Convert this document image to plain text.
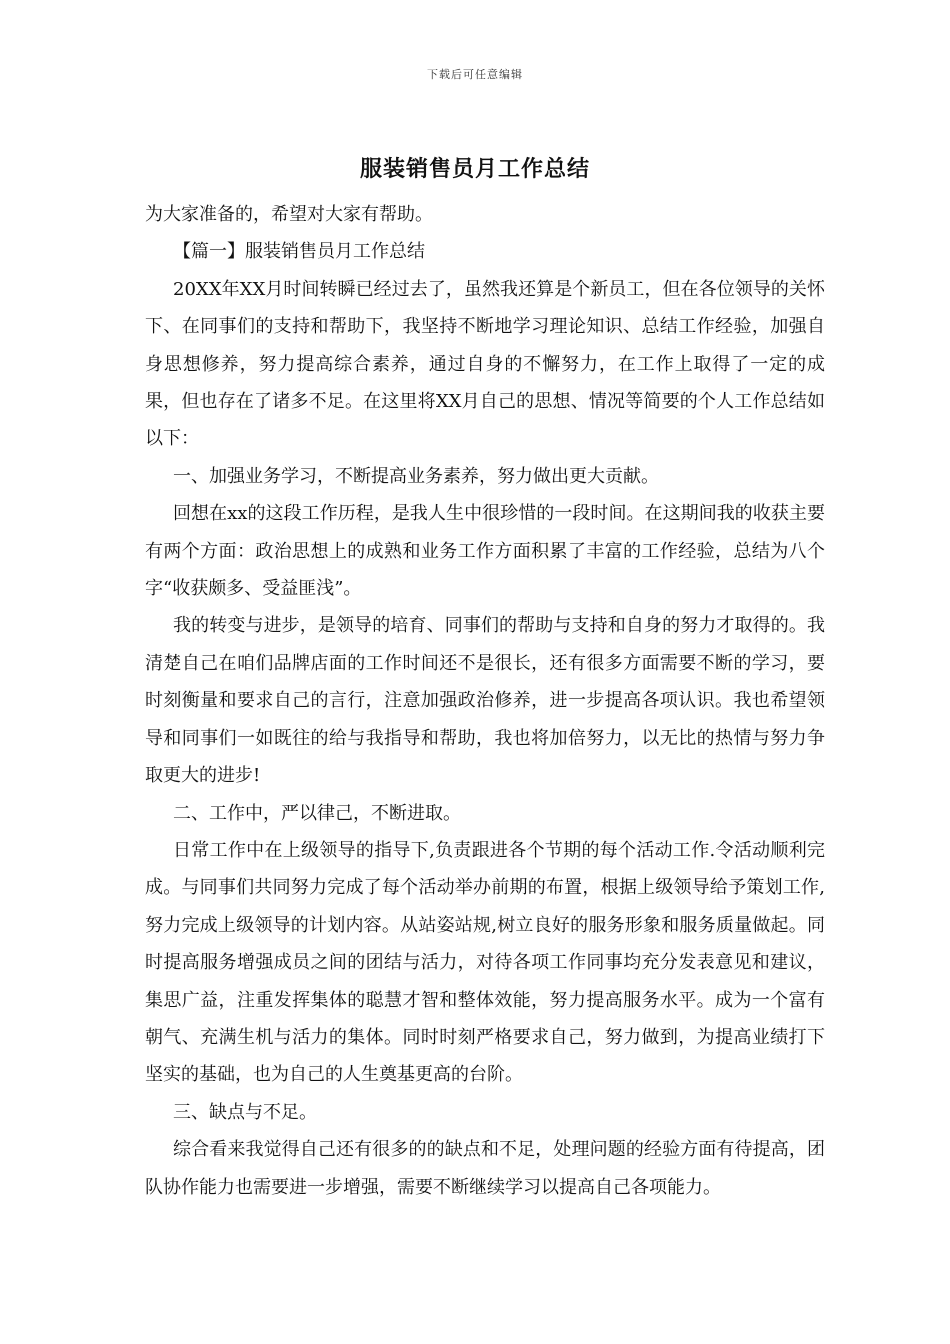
下载后可任意编辑
服装销售员月工作总结

为大家准备的，希望对大家有帮助。

【篇一】服装销售员月工作总结

20XX年XX月时间转瞬已经过去了，虽然我还算是个新员工，但在各位领导的关怀下、在同事们的支持和帮助下，我坚持不断地学习理论知识、总结工作经验，加强自身思想修养，努力提高综合素养，通过自身的不懈努力，在工作上取得了一定的成果，但也存在了诸多不足。在这里将XX月自己的思想、情况等简要的个人工作总结如以下：

一、加强业务学习，不断提高业务素养，努力做出更大贡献。

回想在xx的这段工作历程，是我人生中很珍惜的一段时间。在这期间我的收获主要有两个方面：政治思想上的成熟和业务工作方面积累了丰富的工作经验，总结为八个字“收获颇多、受益匪浅”。

我的转变与进步，是领导的培育、同事们的帮助与支持和自身的努力才取得的。我清楚自己在咱们品牌店面的工作时间还不是很长，还有很多方面需要不断的学习，要时刻衡量和要求自己的言行，注意加强政治修养，进一步提高各项认识。我也希望领导和同事们一如既往的给与我指导和帮助，我也将加倍努力，以无比的热情与努力争取更大的进步!

二、工作中，严以律己，不断进取。

日常工作中在上级领导的指导下,负责跟进各个节期的每个活动工作.令活动顺利完成。与同事们共同努力完成了每个活动举办前期的布置，根据上级领导给予策划工作,努力完成上级领导的计划内容。从站姿站规,树立良好的服务形象和服务质量做起。同时提高服务增强成员之间的团结与活力，对待各项工作同事均充分发表意见和建议，集思广益，注重发挥集体的聪慧才智和整体效能，努力提高服务水平。成为一个富有朝气、充满生机与活力的集体。同时时刻严格要求自己，努力做到，为提高业绩打下坚实的基础，也为自己的人生奠基更高的台阶。

三、缺点与不足。

综合看来我觉得自己还有很多的的缺点和不足，处理问题的经验方面有待提高，团队协作能力也需要进一步增强，需要不断继续学习以提高自己各项能力。
